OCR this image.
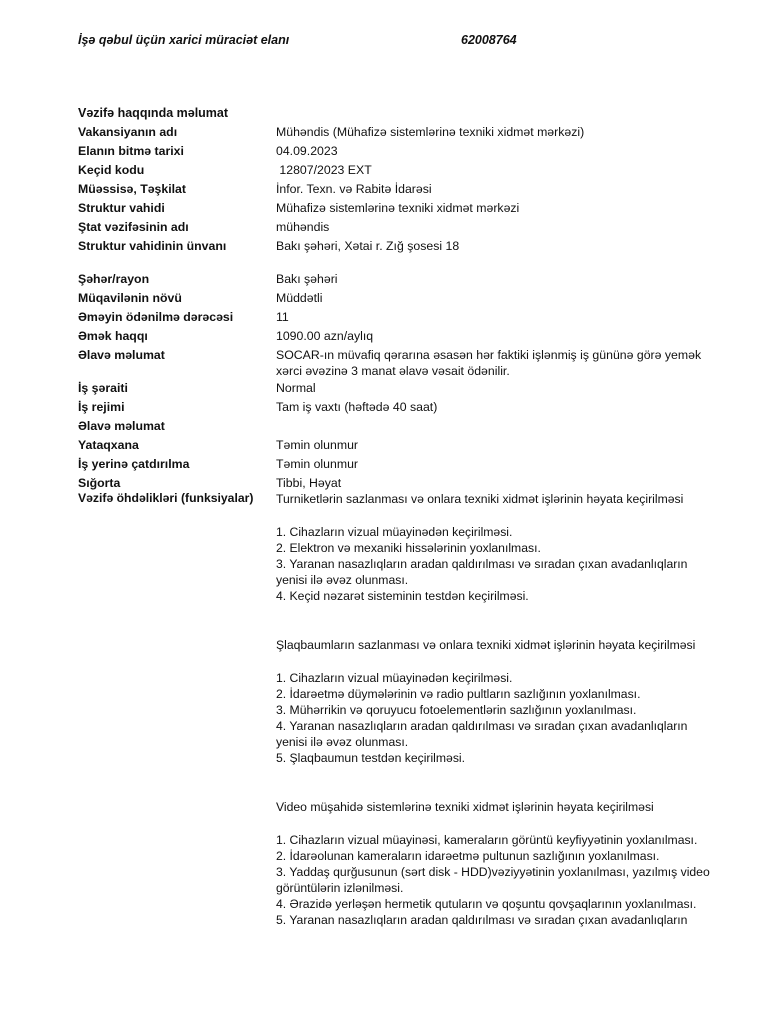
İşə qəbul üçün xarici müraciət elanı	62008764
Vəzifə haqqında məlumat
Vakansiyanın adı	Mühəndis (Mühafizə sistemlərinə texniki xidmət mərkəzi)
Elanın bitmə tarixi	04.09.2023
Keçid kodu	12807/2023 EXT
Müəssisə, Təşkilat	İnfor. Texn. və Rabitə İdarəsi
Struktur vahidi	Mühafizə sistemlərinə texniki xidmət mərkəzi
Ştat vəzifəsinin adı	mühəndis
Struktur vahidinin ünvanı	Bakı şəhəri, Xətai r. Zığ şosesi 18
Şəhər/rayon	Bakı şəhəri
Müqavilənin növü	Müddətli
Əməyin ödənilmə dərəcəsi	11
Əmək haqqı	1090.00 azn/aylıq
Əlavə məlumat	SOCAR-ın müvafiq qərarına əsasən hər faktiki işlənmiş iş gününə görə yemək xərci əvəzinə 3 manat əlavə vəsait ödənilir.
İş şəraiti	Normal
İş rejimi	Tam iş vaxtı (həftədə 40 saat)
Əlavə məlumat
Yataqxana	Təmin olunmur
İş yerinə çatdırılma	Təmin olunmur
Sığorta	Tibbi, Həyat
Vəzifə öhdəlikləri (funksiyalar)	Turniketlərin sazlanması və onlara texniki xidmət işlərinin həyata keçirilməsi
1. Cihazların vizual müayinədən keçirilməsi.
2. Elektron və mexaniki hissələrinin yoxlanılması.
3. Yaranan nasazlıqların aradan qaldırılması və sıradan çıxan avadanlıqların yenisi ilə əvəz olunması.
4. Keçid nəzarət sisteminin testdən keçirilməsi.
Şlaqbaumların sazlanması və onlara texniki xidmət işlərinin həyata keçirilməsi
1. Cihazların vizual müayinədən keçirilməsi.
2. İdarəetmə düymələrinin və radio pultların sazlığının yoxlanılması.
3. Mühərrikin və qoruyucu fotoelementlərin sazlığının yoxlanılması.
4. Yaranan nasazlıqların aradan qaldırılması və sıradan çıxan avadanlıqların yenisi ilə əvəz olunması.
5. Şlaqbaumun testdən keçirilməsi.
Video müşahidə sistemlərinə texniki xidmət işlərinin həyata keçirilməsi
1. Cihazların vizual müayinəsi, kameraların görüntü keyfiyyətinin yoxlanılması.
2. İdarəolunan kameraların idarəetmə pultunun sazlığının yoxlanılması.
3. Yaddaş qurğusunun (sərt disk - HDD)vəziyyətinin yoxlanılması, yazılmış video görüntülərin izlənilməsi.
4. Ərazidə yerləşən hermetik qutuların və qoşuntu qovşaqlarının yoxlanılması.
5. Yaranan nasazlıqların aradan qaldırılması və sıradan çıxan avadanlıqların
